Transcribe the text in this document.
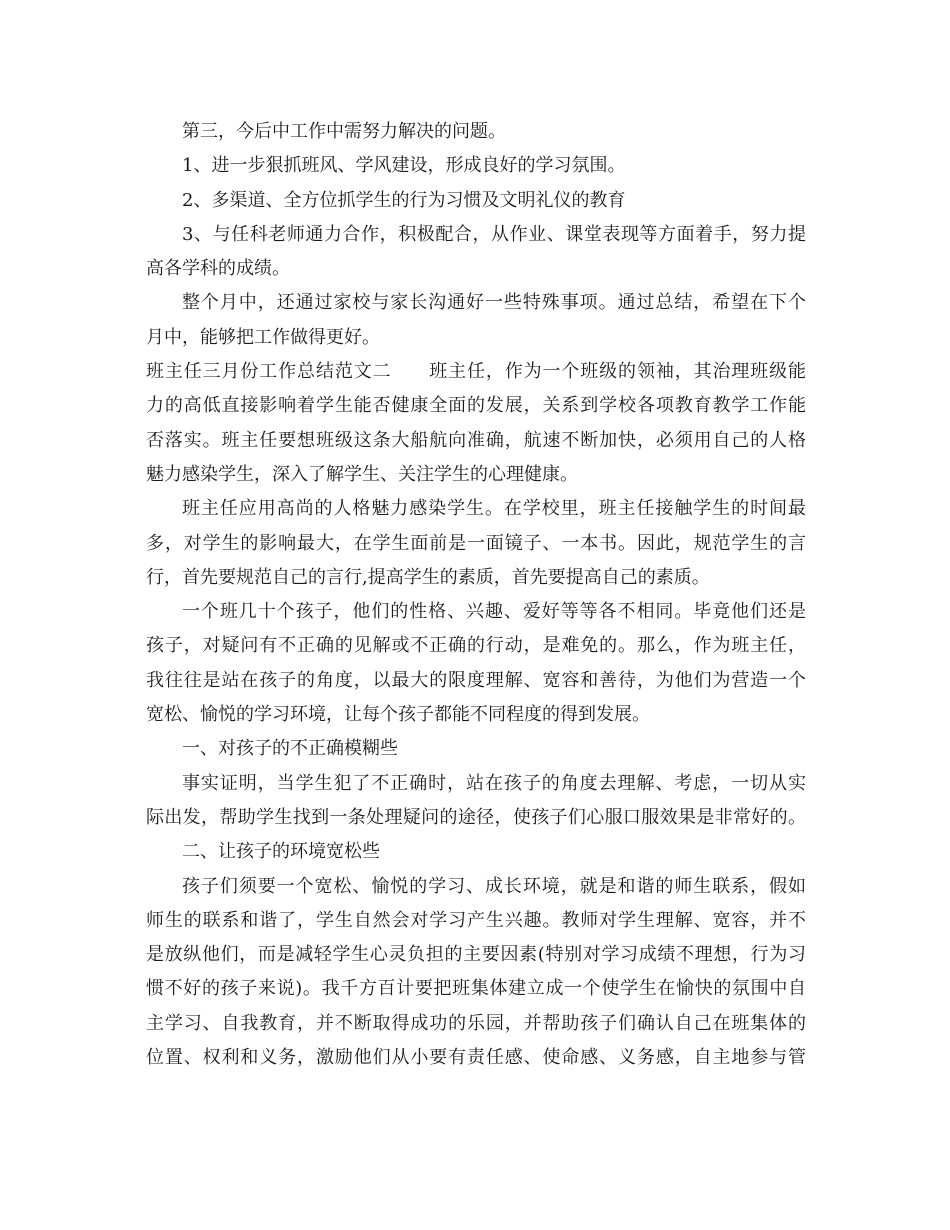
第三，今后中工作中需努力解决的问题。
1、进一步狠抓班风、学风建设，形成良好的学习氛围。
2、多渠道、全方位抓学生的行为习惯及文明礼仪的教育
3、与任科老师通力合作，积极配合，从作业、课堂表现等方面着手，努力提
高各学科的成绩。
整个月中，还通过家校与家长沟通好一些特殊事项。通过总结，希望在下个
月中，能够把工作做得更好。
班主任三月份工作总结范文二　　班主任，作为一个班级的领袖，其治理班级能
力的高低直接影响着学生能否健康全面的发展，关系到学校各项教育教学工作能
否落实。班主任要想班级这条大船航向准确，航速不断加快，必须用自己的人格
魅力感染学生，深入了解学生、关注学生的心理健康。
班主任应用高尚的人格魅力感染学生。在学校里，班主任接触学生的时间最
多，对学生的影响最大，在学生面前是一面镜子、一本书。因此，规范学生的言
行，首先要规范自己的言行,提高学生的素质，首先要提高自己的素质。
一个班几十个孩子，他们的性格、兴趣、爱好等等各不相同。毕竟他们还是
孩子，对疑问有不正确的见解或不正确的行动，是难免的。那么，作为班主任，
我往往是站在孩子的角度，以最大的限度理解、宽容和善待，为他们为营造一个
宽松、愉悦的学习环境，让每个孩子都能不同程度的得到发展。
一、对孩子的不正确模糊些
事实证明，当学生犯了不正确时，站在孩子的角度去理解、考虑，一切从实
际出发，帮助学生找到一条处理疑问的途径，使孩子们心服口服效果是非常好的。
二、让孩子的环境宽松些
孩子们须要一个宽松、愉悦的学习、成长环境，就是和谐的师生联系，假如
师生的联系和谐了，学生自然会对学习产生兴趣。教师对学生理解、宽容，并不
是放纵他们，而是减轻学生心灵负担的主要因素(特别对学习成绩不理想，行为习
惯不好的孩子来说)。我千方百计要把班集体建立成一个使学生在愉快的氛围中自
主学习、自我教育，并不断取得成功的乐园，并帮助孩子们确认自己在班集体的
位置、权利和义务，激励他们从小要有责任感、使命感、义务感，自主地参与管
